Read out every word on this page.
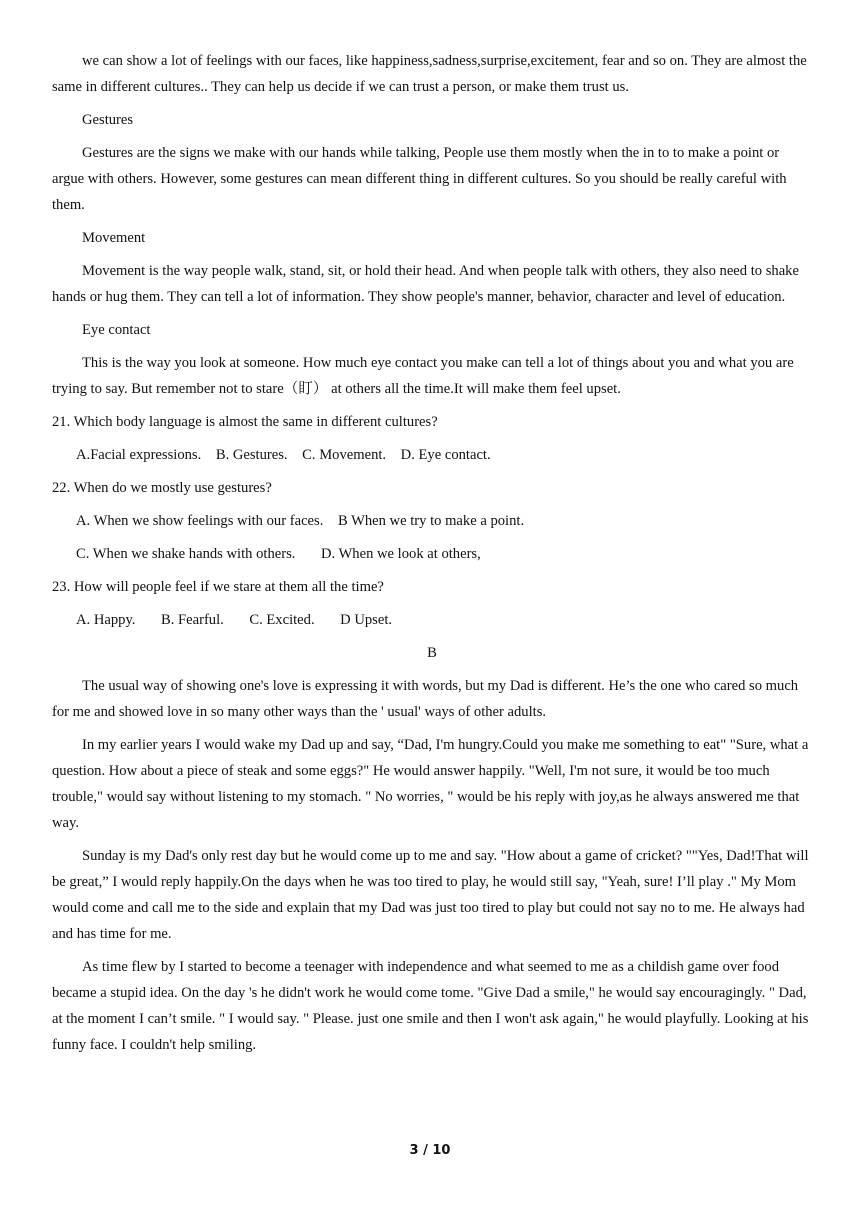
we can show a lot of feelings with our faces, like happiness,sadness,surprise,excitement, fear and so on. They are almost the same in different cultures.. They can help us decide if we can trust a person, or make them trust us.

Gestures

Gestures are the signs we make with our hands while talking, People use them mostly when the in to to make a point or argue with others. However, some gestures can mean different thing in different cultures. So you should be really careful with them.

Movement

Movement is the way people walk, stand, sit, or hold their head. And when people talk with others, they also need to shake hands or hug them. They can tell a lot of information. They show people's manner, behavior, character and level of education.

Eye contact

This is the way you look at someone. How much eye contact you make can tell a lot of things about you and what you are trying to say. But remember not to stare（盯） at others all the time.It will make them feel upset.

21. Which body language is almost the same in different cultures?

A.Facial expressions.    B. Gestures.    C. Movement.    D. Eye contact.

22. When do we mostly use gestures?

A. When we show feelings with our faces.    B When we try to make a point.

C. When we shake hands with others.       D. When we look at others,

23. How will people feel if we stare at them all the time?

A. Happy.       B. Fearful.       C. Excited.       D Upset.

B

The usual way of showing one's love is expressing it with words, but my Dad is different. He’s the one who cared so much for me and showed love in so many other ways than the ' usual' ways of other adults.

In my earlier years I would wake my Dad up and say, “Dad, I'm hungry.Could you make me something to eat" "Sure, what a question. How about a piece of steak and some eggs?" He would answer happily. "Well, I'm not sure, it would be too much trouble," would say without listening to my stomach. " No worries, " would be his reply with joy,as he always answered me that way.

Sunday is my Dad's only rest day but he would come up to me and say. "How about a game of cricket? ""Yes, Dad!That will be great,” I would reply happily.On the days when he was too tired to play, he would still say, "Yeah, sure! I’ll play ." My Mom would come and call me to the side and explain that my Dad was just too tired to play but could not say no to me. He always had and has time for me.

As time flew by I started to become a teenager with independence and what seemed to me as a childish game over food became a stupid idea. On the day 's he didn't work he would come tome. "Give Dad a smile," he would say encouragingly. " Dad, at the moment I can’t smile. " I would say. " Please. just one smile and then I won't ask again," he would playfully. Looking at his funny face. I couldn't help smiling.

3 / 10
